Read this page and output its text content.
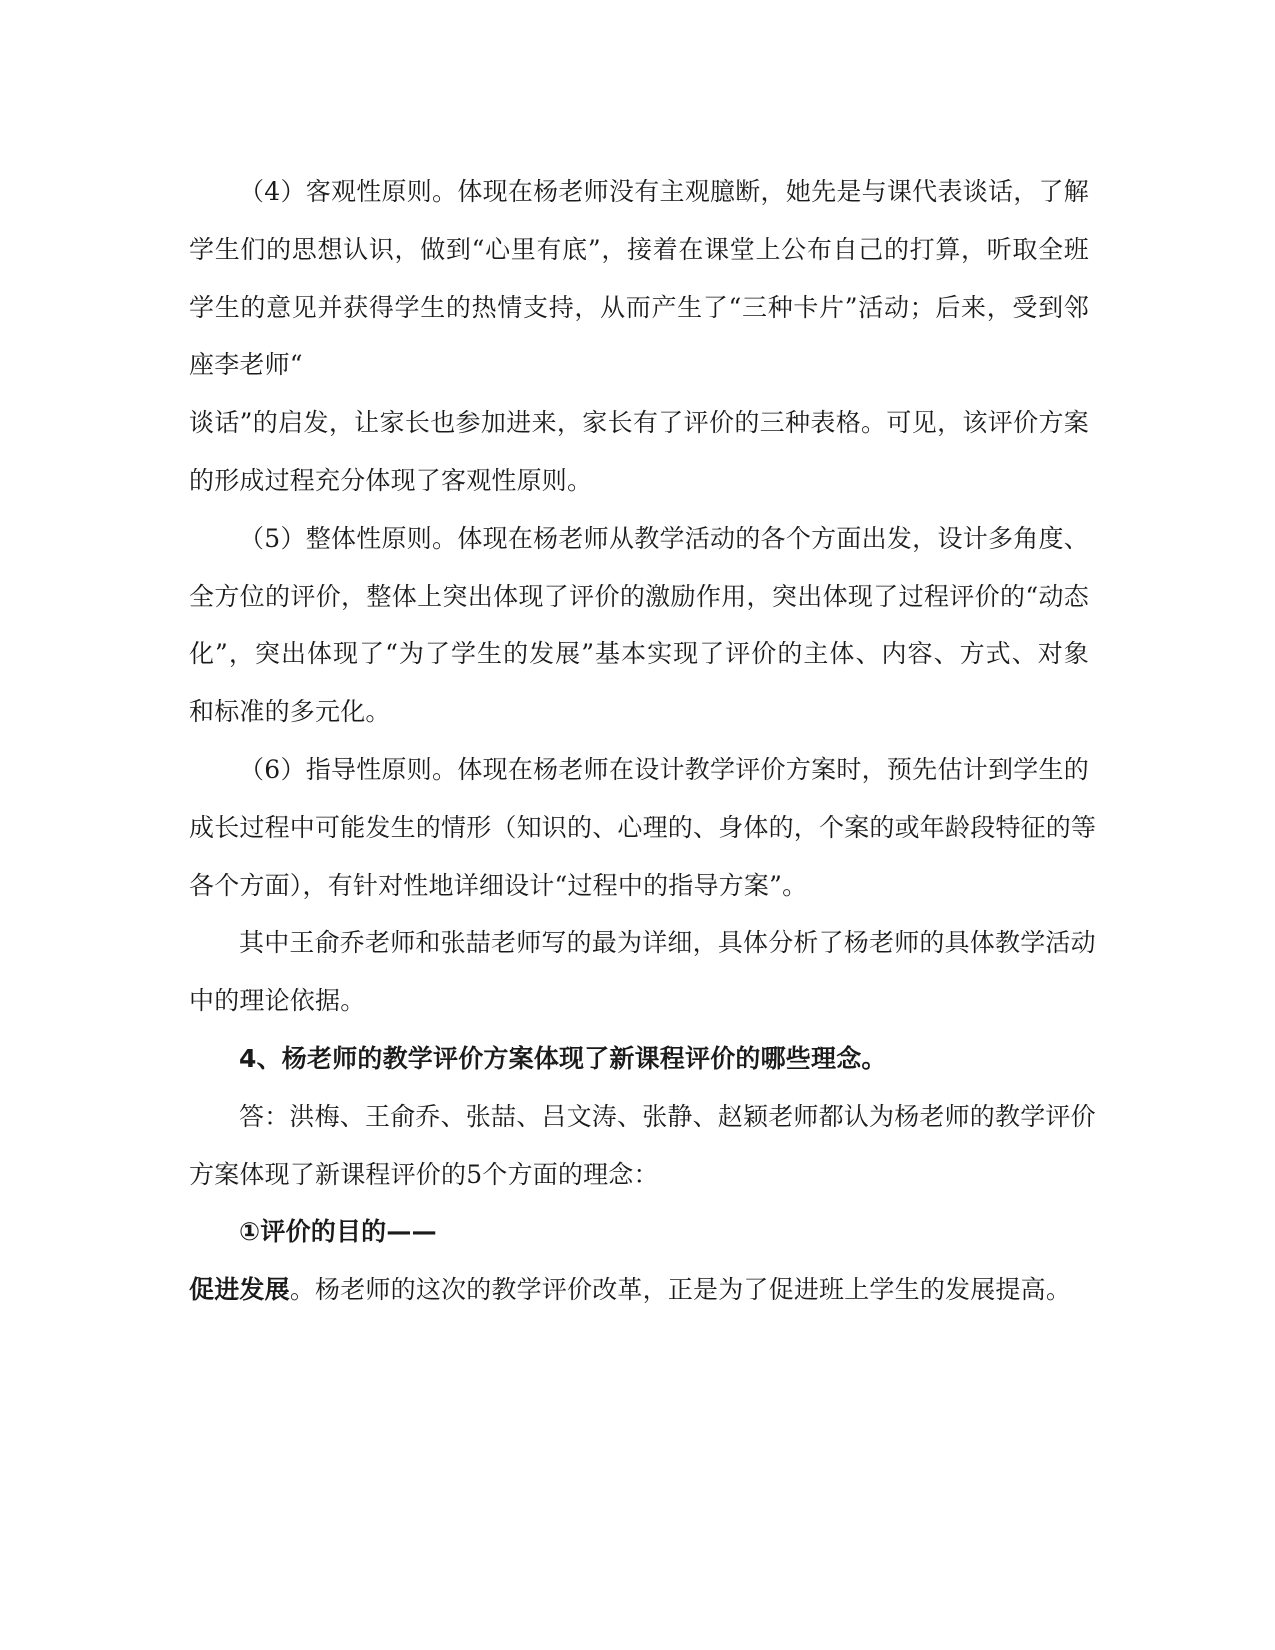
（4）客观性原则。体现在杨老师没有主观臆断，她先是与课代表谈话，了解
学生们的思想认识，做到“心里有底”，接着在课堂上公布自己的打算，听取全班
学生的意见并获得学生的热情支持，从而产生了“三种卡片”活动；后来，受到邻
座李老师“
谈话”的启发，让家长也参加进来，家长有了评价的三种表格。可见，该评价方案
的形成过程充分体现了客观性原则。
（5）整体性原则。体现在杨老师从教学活动的各个方面出发，设计多角度、
全方位的评价，整体上突出体现了评价的激励作用，突出体现了过程评价的“动态
化”，突出体现了“为了学生的发展”基本实现了评价的主体、内容、方式、对象
和标准的多元化。
（6）指导性原则。体现在杨老师在设计教学评价方案时，预先估计到学生的
成长过程中可能发生的情形（知识的、心理的、身体的，个案的或年龄段特征的等
各个方面），有针对性地详细设计“过程中的指导方案”。
其中王俞乔老师和张喆老师写的最为详细，具体分析了杨老师的具体教学活动
中的理论依据。
4、杨老师的教学评价方案体现了新课程评价的哪些理念。
答：洪梅、王俞乔、张喆、吕文涛、张静、赵颖老师都认为杨老师的教学评价
方案体现了新课程评价的5个方面的理念：
①评价的目的——
促进发展。杨老师的这次的教学评价改革，正是为了促进班上学生的发展提高。
